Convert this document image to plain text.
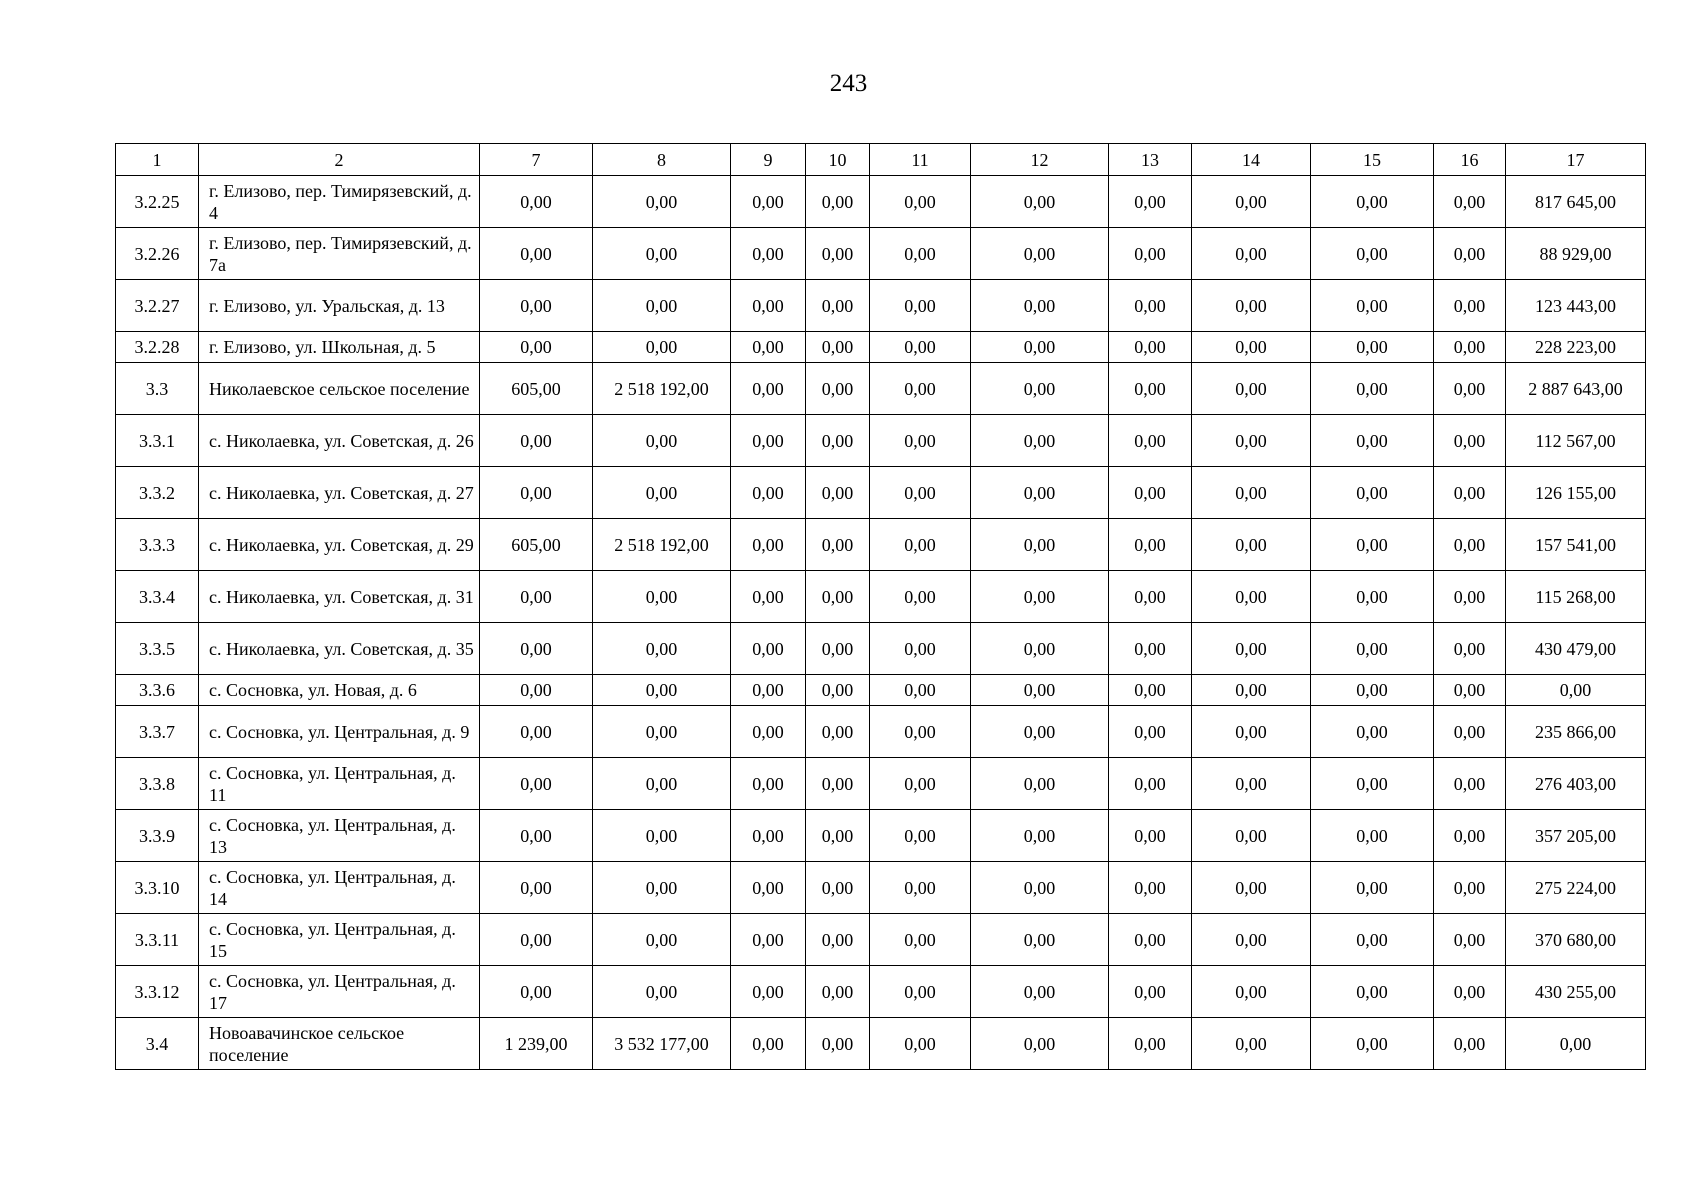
243
1	2	7	8	9	10	11	12	13	14	15	16	17
3.2.25	г. Елизово, пер. Тимирязевский, д. 4	0,00	0,00	0,00	0,00	0,00	0,00	0,00	0,00	0,00	0,00	817 645,00
3.2.26	г. Елизово, пер. Тимирязевский, д. 7а	0,00	0,00	0,00	0,00	0,00	0,00	0,00	0,00	0,00	0,00	88 929,00
3.2.27	г. Елизово, ул. Уральская, д. 13	0,00	0,00	0,00	0,00	0,00	0,00	0,00	0,00	0,00	0,00	123 443,00
3.2.28	г. Елизово, ул. Школьная, д. 5	0,00	0,00	0,00	0,00	0,00	0,00	0,00	0,00	0,00	0,00	228 223,00
3.3	Николаевское сельское поселение	605,00	2 518 192,00	0,00	0,00	0,00	0,00	0,00	0,00	0,00	0,00	2 887 643,00
3.3.1	с. Николаевка, ул. Советская, д. 26	0,00	0,00	0,00	0,00	0,00	0,00	0,00	0,00	0,00	0,00	112 567,00
3.3.2	с. Николаевка, ул. Советская, д. 27	0,00	0,00	0,00	0,00	0,00	0,00	0,00	0,00	0,00	0,00	126 155,00
3.3.3	с. Николаевка, ул. Советская, д. 29	605,00	2 518 192,00	0,00	0,00	0,00	0,00	0,00	0,00	0,00	0,00	157 541,00
3.3.4	с. Николаевка, ул. Советская, д. 31	0,00	0,00	0,00	0,00	0,00	0,00	0,00	0,00	0,00	0,00	115 268,00
3.3.5	с. Николаевка, ул. Советская, д. 35	0,00	0,00	0,00	0,00	0,00	0,00	0,00	0,00	0,00	0,00	430 479,00
3.3.6	с. Сосновка, ул. Новая, д. 6	0,00	0,00	0,00	0,00	0,00	0,00	0,00	0,00	0,00	0,00	0,00
3.3.7	с. Сосновка, ул. Центральная, д. 9	0,00	0,00	0,00	0,00	0,00	0,00	0,00	0,00	0,00	0,00	235 866,00
3.3.8	с. Сосновка, ул. Центральная, д. 11	0,00	0,00	0,00	0,00	0,00	0,00	0,00	0,00	0,00	0,00	276 403,00
3.3.9	с. Сосновка, ул. Центральная, д. 13	0,00	0,00	0,00	0,00	0,00	0,00	0,00	0,00	0,00	0,00	357 205,00
3.3.10	с. Сосновка, ул. Центральная, д. 14	0,00	0,00	0,00	0,00	0,00	0,00	0,00	0,00	0,00	0,00	275 224,00
3.3.11	с. Сосновка, ул. Центральная, д. 15	0,00	0,00	0,00	0,00	0,00	0,00	0,00	0,00	0,00	0,00	370 680,00
3.3.12	с. Сосновка, ул. Центральная, д. 17	0,00	0,00	0,00	0,00	0,00	0,00	0,00	0,00	0,00	0,00	430 255,00
3.4	Новоавачинское сельское поселение	1 239,00	3 532 177,00	0,00	0,00	0,00	0,00	0,00	0,00	0,00	0,00	0,00
